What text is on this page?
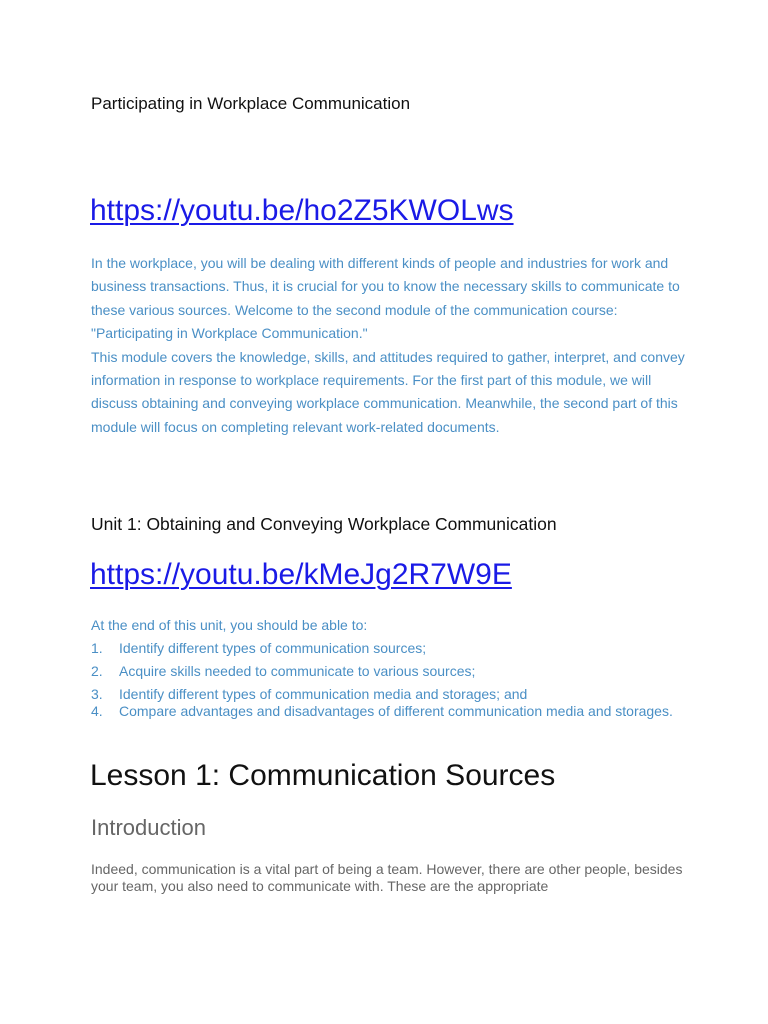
Participating in Workplace Communication
https://youtu.be/ho2Z5KWOLws

In the workplace, you will be dealing with different kinds of people and industries for work and business transactions. Thus, it is crucial for you to know the necessary skills to communicate to these various sources. Welcome to the second module of the communication course: "Participating in Workplace Communication."

This module covers the knowledge, skills, and attitudes required to gather, interpret, and convey information in response to workplace requirements. For the first part of this module, we will discuss obtaining and conveying workplace communication. Meanwhile, the second part of this module will focus on completing relevant work-related documents.

Unit 1: Obtaining and Conveying Workplace Communication
https://youtu.be/kMeJg2R7W9E

At the end of this unit, you should be able to:

1. Identify different types of communication sources;
2. Acquire skills needed to communicate to various sources;
3. Identify different types of communication media and storages; and
4. Compare advantages and disadvantages of different communication media and storages.
Lesson 1: Communication Sources
Introduction

Indeed, communication is a vital part of being a team. However, there are other people, besides your team, you also need to communicate with. These are the appropriate
